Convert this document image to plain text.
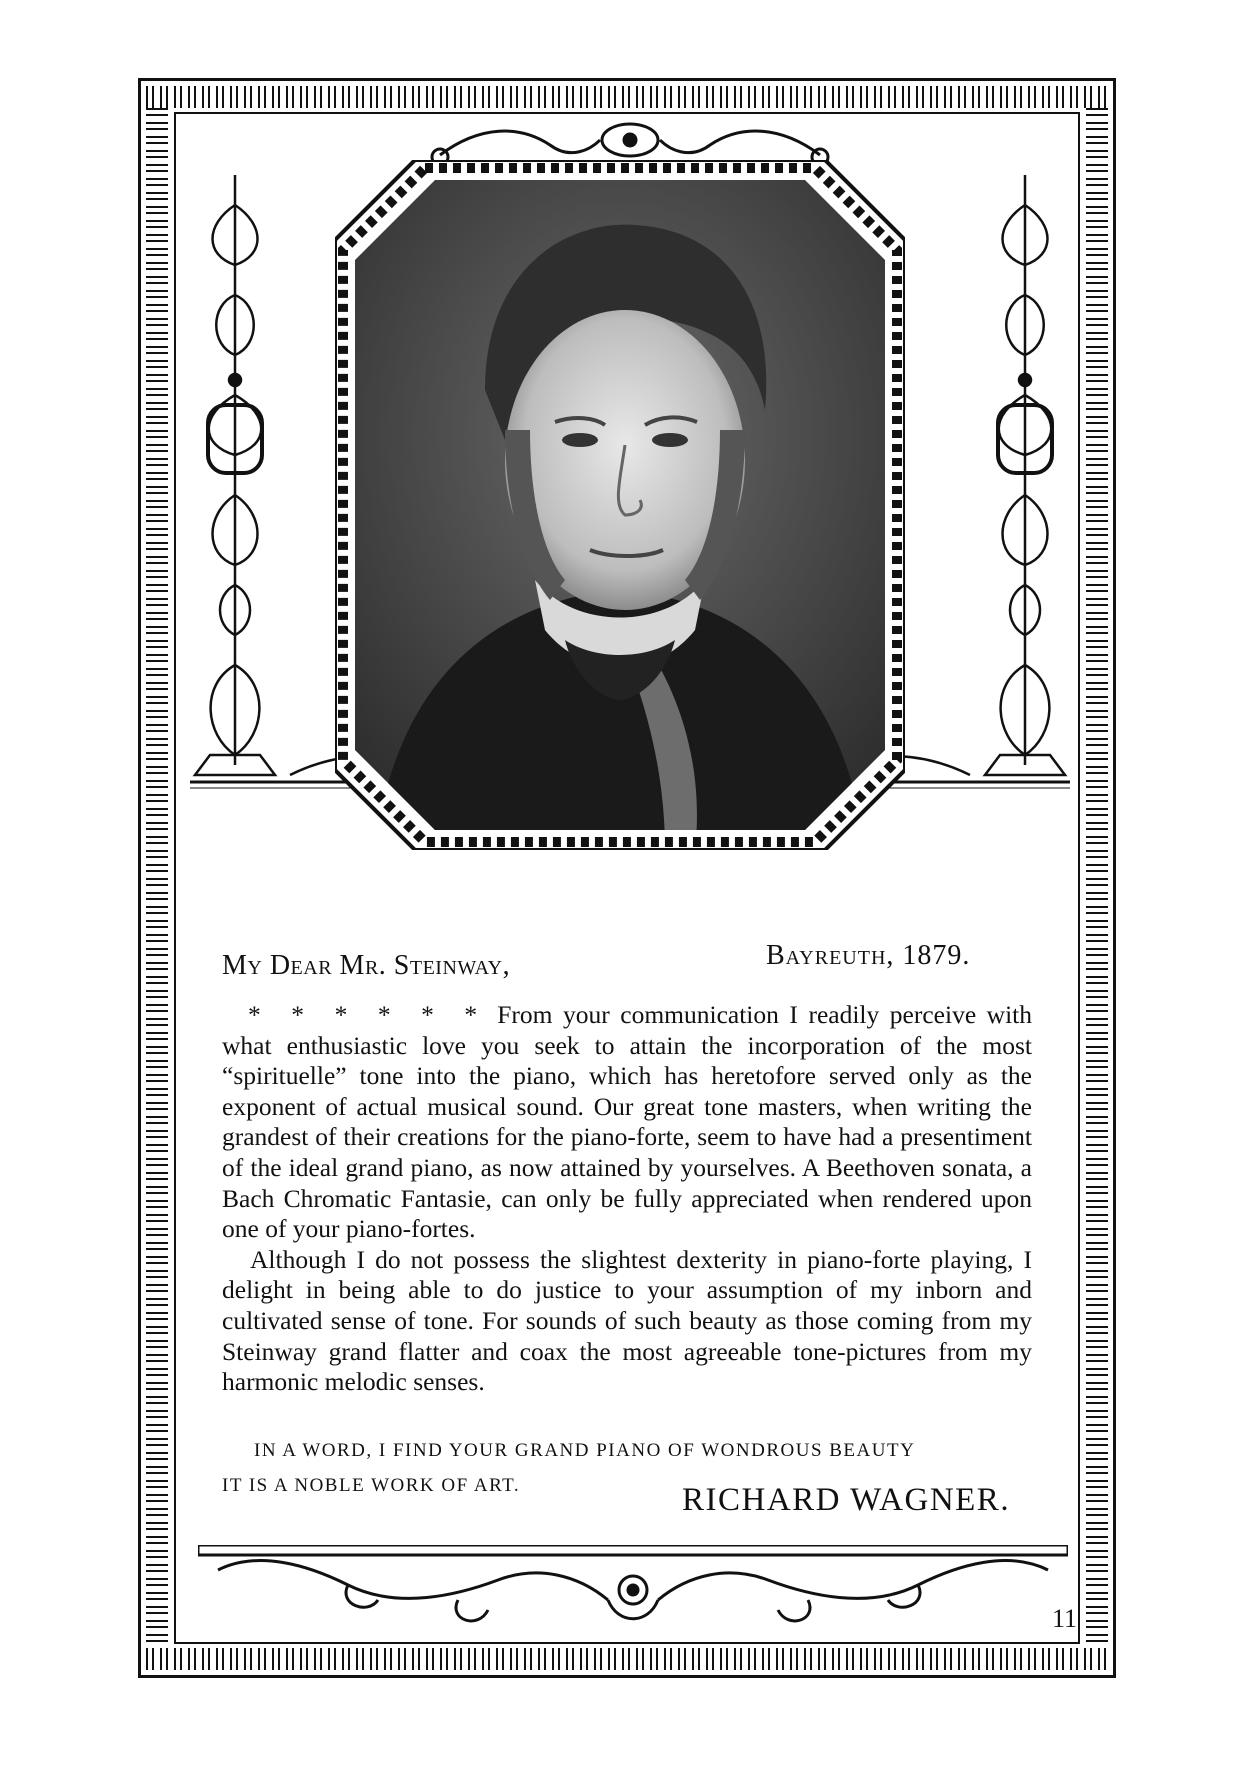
My Dear Mr. Steinway,	Bayreuth, 1879.

* * * * * * From your communication I readily perceive with what enthusiastic love you seek to attain the incorporation of the most “spirituelle” tone into the piano, which has heretofore served only as the exponent of actual musical sound. Our great tone masters, when writing the grandest of their creations for the piano-forte, seem to have had a presentiment of the ideal grand piano, as now attained by yourselves. A Beethoven sonata, a Bach Chromatic Fantasie, can only be fully appreciated when rendered upon one of your piano-fortes.

Although I do not possess the slightest dexterity in piano-forte playing, I delight in being able to do justice to your assumption of my inborn and cultivated sense of tone. For sounds of such beauty as those coming from my Steinway grand flatter and coax the most agreeable tone-pictures from my harmonic melodic senses.

IN A WORD, I FIND YOUR GRAND PIANO OF WONDROUS BEAUTY
IT IS A NOBLE WORK OF ART.	RICHARD WAGNER.
11
